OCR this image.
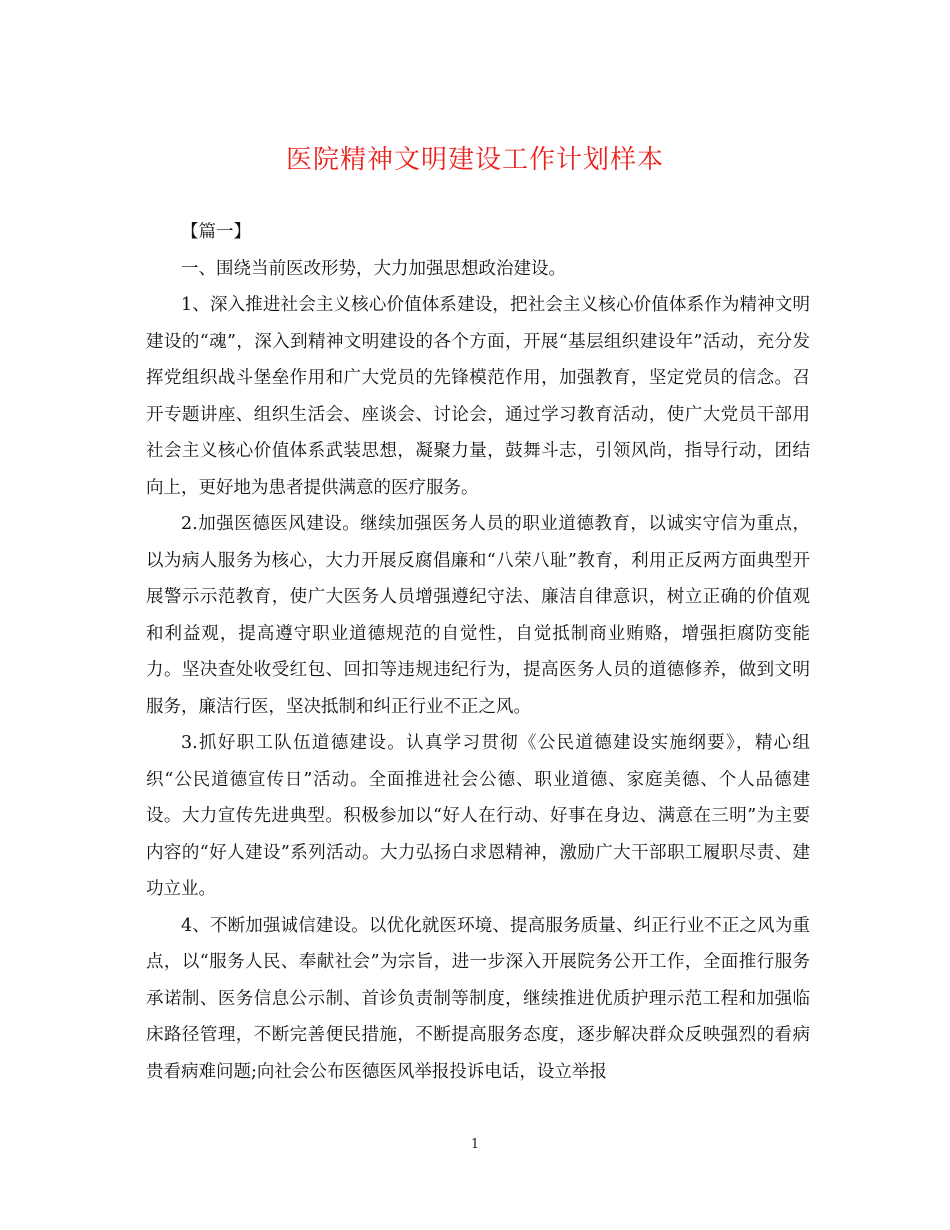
医院精神文明建设工作计划样本

【篇一】

一、围绕当前医改形势，大力加强思想政治建设。

1、深入推进社会主义核心价值体系建设，把社会主义核心价值体系作为精神文明建设的“魂”，深入到精神文明建设的各个方面，开展“基层组织建设年”活动，充分发挥党组织战斗堡垒作用和广大党员的先锋模范作用，加强教育，坚定党员的信念。召开专题讲座、组织生活会、座谈会、讨论会，通过学习教育活动，使广大党员干部用社会主义核心价值体系武装思想，凝聚力量，鼓舞斗志，引领风尚，指导行动，团结向上，更好地为患者提供满意的医疗服务。

2.加强医德医风建设。继续加强医务人员的职业道德教育，以诚实守信为重点，以为病人服务为核心，大力开展反腐倡廉和“八荣八耻”教育，利用正反两方面典型开展警示示范教育，使广大医务人员增强遵纪守法、廉洁自律意识，树立正确的价值观和利益观，提高遵守职业道德规范的自觉性，自觉抵制商业贿赂，增强拒腐防变能力。坚决查处收受红包、回扣等违规违纪行为，提高医务人员的道德修养，做到文明服务，廉洁行医，坚决抵制和纠正行业不正之风。

3.抓好职工队伍道德建设。认真学习贯彻《公民道德建设实施纲要》，精心组织“公民道德宣传日”活动。全面推进社会公德、职业道德、家庭美德、个人品德建设。大力宣传先进典型。积极参加以“好人在行动、好事在身边、满意在三明”为主要内容的“好人建设”系列活动。大力弘扬白求恩精神，激励广大干部职工履职尽责、建功立业。

4、不断加强诚信建设。以优化就医环境、提高服务质量、纠正行业不正之风为重点，以“服务人民、奉献社会”为宗旨，进一步深入开展院务公开工作，全面推行服务承诺制、医务信息公示制、首诊负责制等制度，继续推进优质护理示范工程和加强临床路径管理，不断完善便民措施，不断提高服务态度，逐步解决群众反映强烈的看病贵看病难问题;向社会公布医德医风举报投诉电话，设立举报

1
